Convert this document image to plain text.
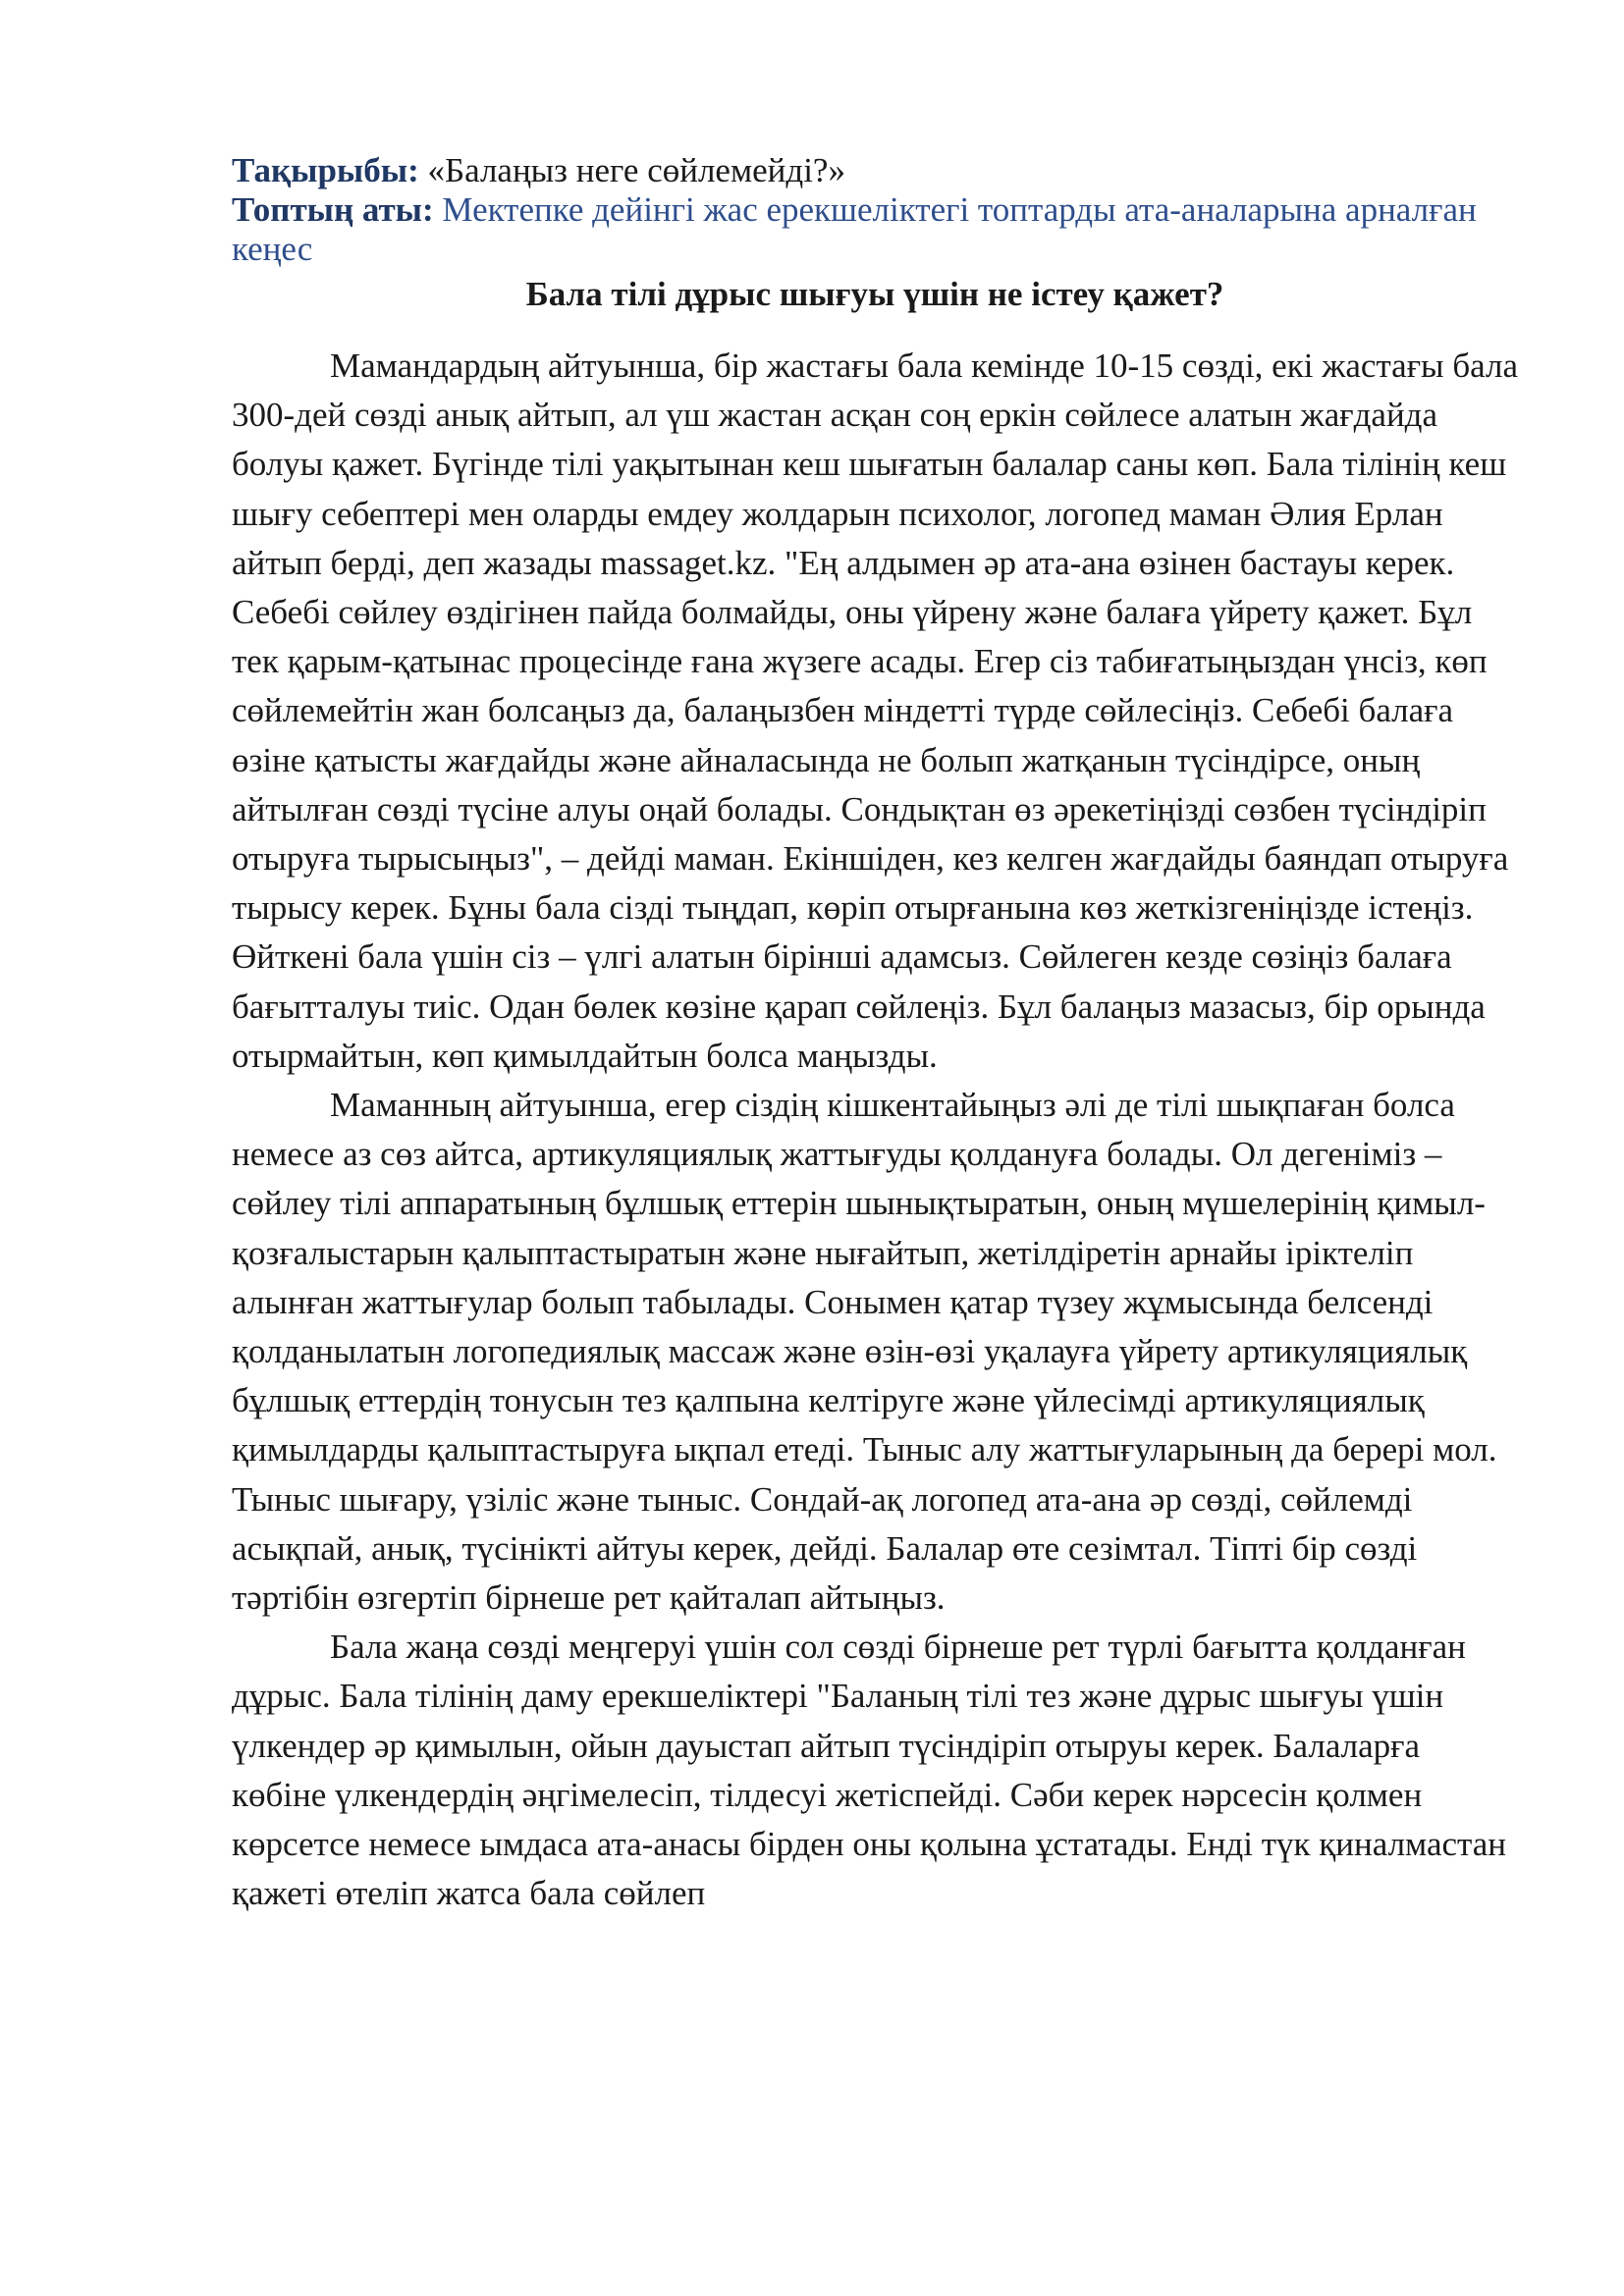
Тақырыбы: «Балаңыз неге сөйлемейді?»

Топтың аты: Мектепке дейінгі жас ерекшеліктегі топтарды ата-аналарына арналған кеңес

Бала тілі дұрыс шығуы үшін не істеу қажет?

Мамандардың айтуынша, бір жастағы бала кемінде 10-15 сөзді, екі жастағы бала 300-дей сөзді анық айтып, ал үш жастан асқан соң еркін сөйлесе алатын жағдайда болуы қажет. Бүгінде тілі уақытынан кеш шығатын балалар саны көп. Бала тілінің кеш шығу себептері мен оларды емдеу жолдарын психолог, логопед маман Әлия Ерлан айтып берді, деп жазады massaget.kz. "Ең алдымен әр ата-ана өзінен бастауы керек. Себебі сөйлеу өздігінен пайда болмайды, оны үйрену және балаға үйрету қажет. Бұл тек қарым-қатынас процесінде ғана жүзеге асады. Егер сіз табиғатыңыздан үнсіз, көп сөйлемейтін жан болсаңыз да, балаңызбен міндетті түрде сөйлесіңіз. Себебі балаға өзіне қатысты жағдайды және айналасында не болып жатқанын түсіндірсе, оның айтылған сөзді түсіне алуы оңай болады. Сондықтан өз әрекетіңізді сөзбен түсіндіріп отыруға тырысыңыз", – дейді маман. Екіншіден, кез келген жағдайды баяндап отыруға тырысу керек. Бұны бала сізді тыңдап, көріп отырғанына көз жеткізгеніңізде істеңіз. Өйткені бала үшін сіз – үлгі алатын бірінші адамсыз. Сөйлеген кезде сөзіңіз балаға бағытталуы тиіс. Одан бөлек көзіне қарап сөйлеңіз. Бұл балаңыз мазасыз, бір орында отырмайтын, көп қимылдайтын болса маңызды.

Маманның айтуынша, егер сіздің кішкентайыңыз әлі де тілі шықпаған болса немесе аз сөз айтса, артикуляциялық жаттығуды қолдануға болады. Ол дегеніміз – сөйлеу тілі аппаратының бұлшық еттерін шынықтыратын, оның мүшелерінің қимыл-қозғалыстарын қалыптастыратын және нығайтып, жетілдіретін арнайы іріктеліп алынған жаттығулар болып табылады. Сонымен қатар түзеу жұмысында белсенді қолданылатын логопедиялық массаж және өзін-өзі уқалауға үйрету артикуляциялық бұлшық еттердің тонусын тез қалпына келтіруге және үйлесімді артикуляциялық қимылдарды қалыптастыруға ықпал етеді. Тыныс алу жаттығуларының да берері мол. Тыныс шығару, үзіліс және тыныс. Сондай-ақ логопед ата-ана әр сөзді, сөйлемді асықпай, анық, түсінікті айтуы керек, дейді. Балалар өте сезімтал. Тіпті бір сөзді тәртібін өзгертіп бірнеше рет қайталап айтыңыз.

Бала жаңа сөзді меңгеруі үшін сол сөзді бірнеше рет түрлі бағытта қолданған дұрыс. Бала тілінің даму ерекшеліктері "Баланың тілі тез және дұрыс шығуы үшін үлкендер әр қимылын, ойын дауыстап айтып түсіндіріп отыруы керек. Балаларға көбіне үлкендердің әңгімелесіп, тілдесуі жетіспейді. Сәби керек нәрсесін қолмен көрсетсе немесе ымдаса ата-анасы бірден оны қолына ұстатады. Енді түк қиналмастан қажеті өтеліп жатса бала сөйлеп
